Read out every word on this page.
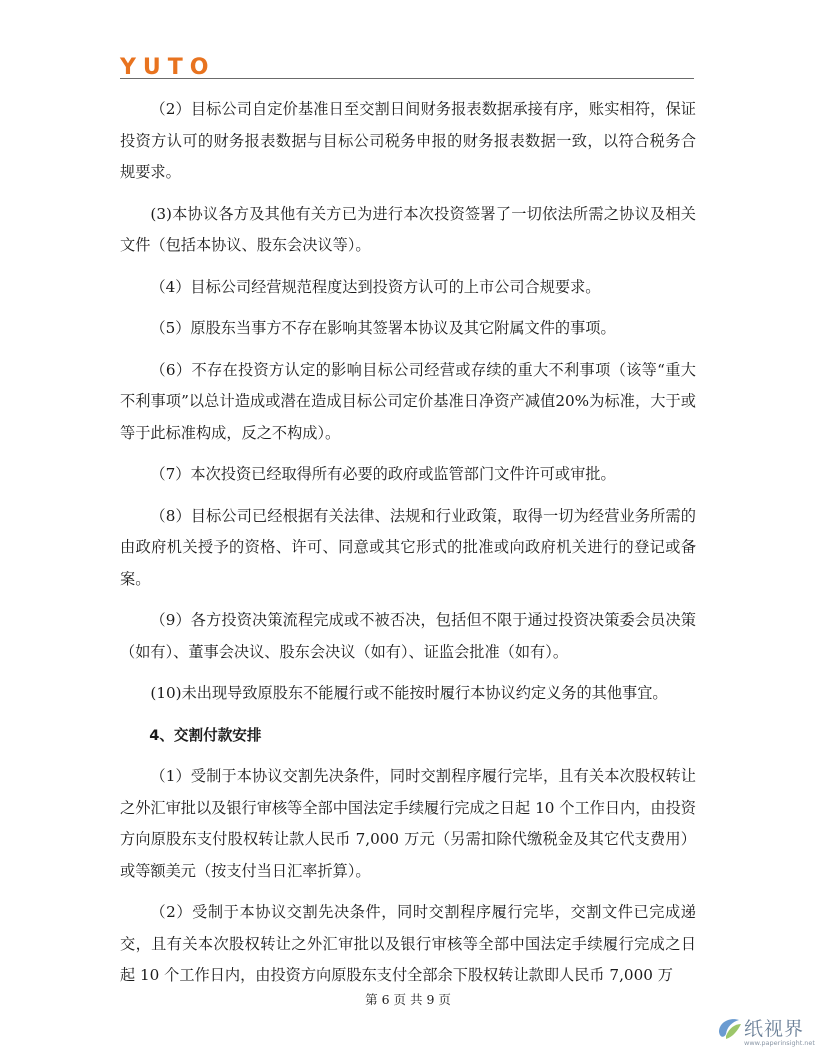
YUTO

（2）目标公司自定价基准日至交割日间财务报表数据承接有序，账实相符，保证投资方认可的财务报表数据与目标公司税务申报的财务报表数据一致，以符合税务合规要求。

(3)本协议各方及其他有关方已为进行本次投资签署了一切依法所需之协议及相关文件（包括本协议、股东会决议等）。

（4）目标公司经营规范程度达到投资方认可的上市公司合规要求。

（5）原股东当事方不存在影响其签署本协议及其它附属文件的事项。

（6）不存在投资方认定的影响目标公司经营或存续的重大不利事项（该等“重大不利事项”以总计造成或潜在造成目标公司定价基准日净资产减值20%为标准，大于或等于此标准构成，反之不构成）。

（7）本次投资已经取得所有必要的政府或监管部门文件许可或审批。

（8）目标公司已经根据有关法律、法规和行业政策，取得一切为经营业务所需的由政府机关授予的资格、许可、同意或其它形式的批准或向政府机关进行的登记或备案。

（9）各方投资决策流程完成或不被否决，包括但不限于通过投资决策委会员决策（如有）、董事会决议、股东会决议（如有）、证监会批准（如有）。

(10)未出现导致原股东不能履行或不能按时履行本协议约定义务的其他事宜。

4、交割付款安排

（1）受制于本协议交割先决条件，同时交割程序履行完毕，且有关本次股权转让之外汇审批以及银行审核等全部中国法定手续履行完成之日起 10 个工作日内，由投资方向原股东支付股权转让款人民币 7,000 万元（另需扣除代缴税金及其它代支费用）或等额美元（按支付当日汇率折算）。

（2）受制于本协议交割先决条件，同时交割程序履行完毕，交割文件已完成递交，且有关本次股权转让之外汇审批以及银行审核等全部中国法定手续履行完成之日起 10 个工作日内，由投资方向原股东支付全部余下股权转让款即人民币 7,000 万

第 6 页 共 9 页
纸视界
www.paperinsight.net
